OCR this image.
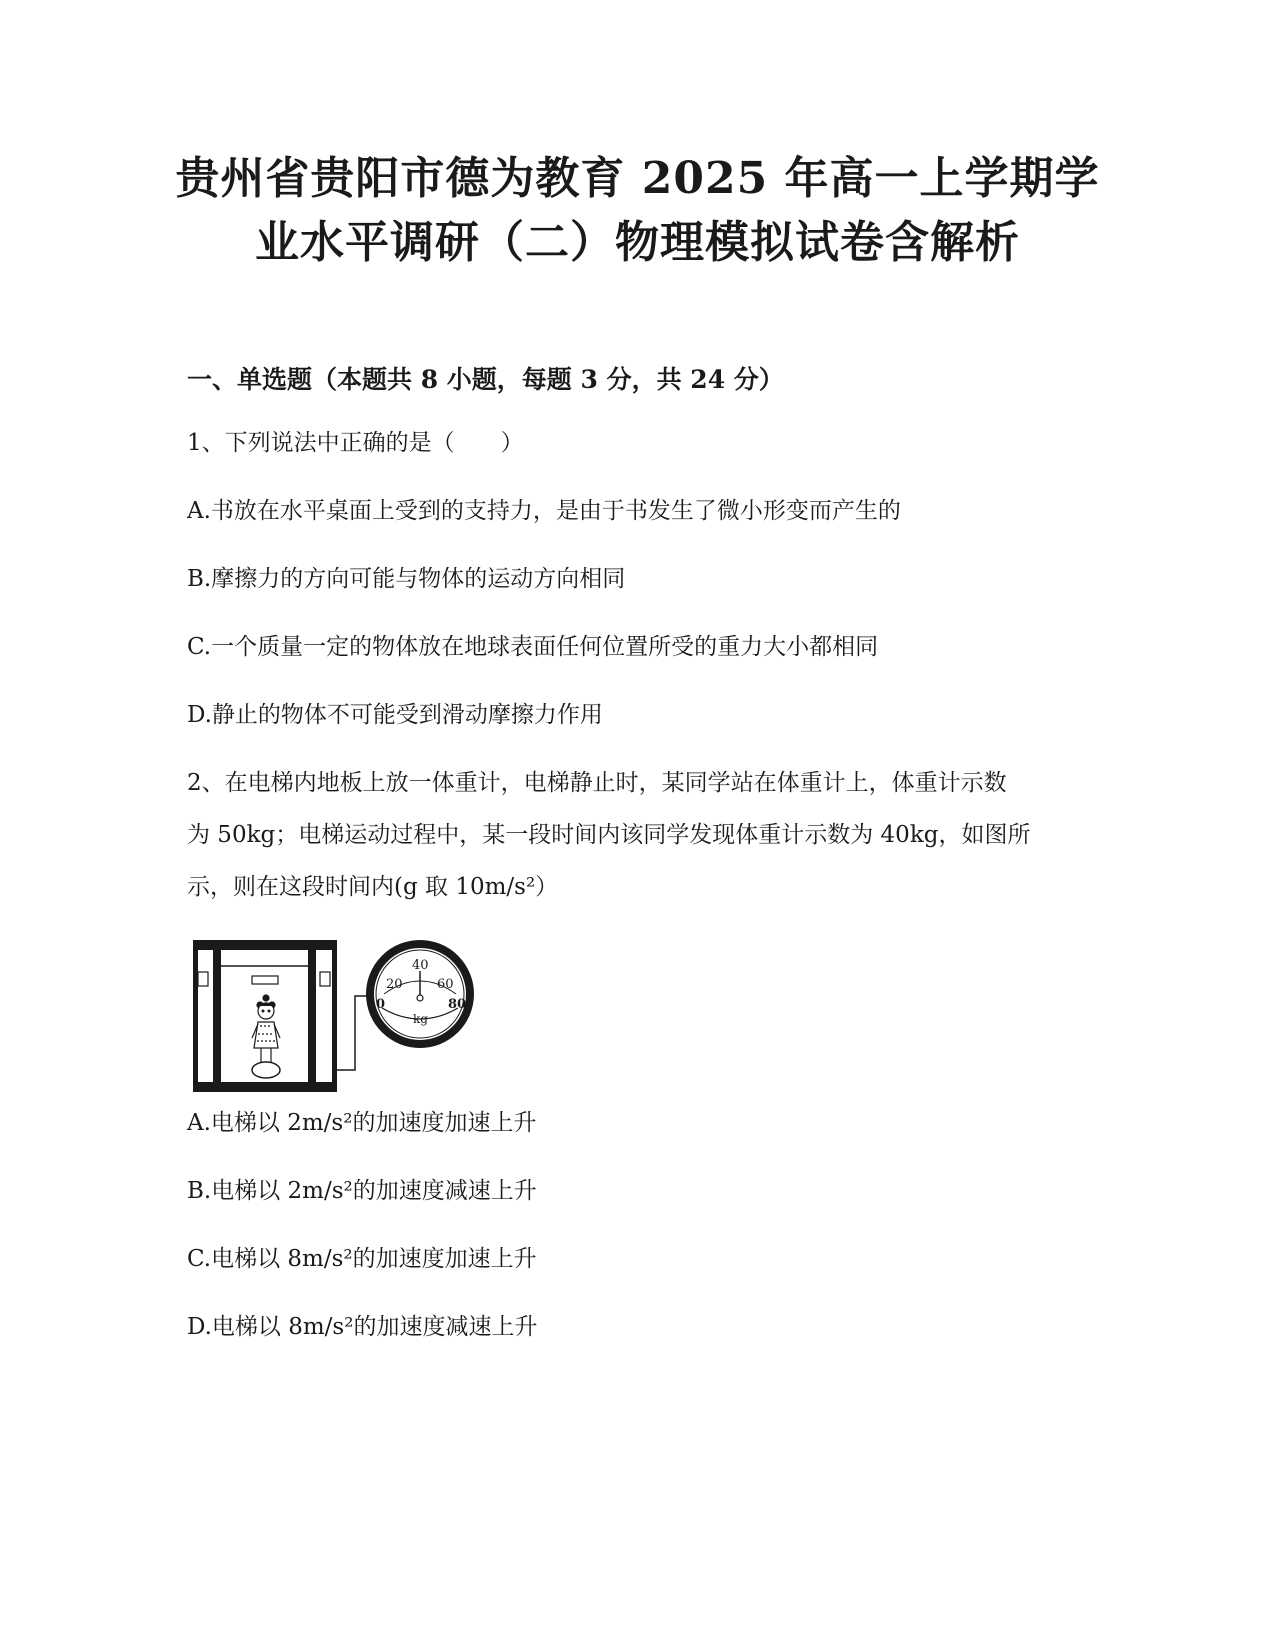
贵州省贵阳市德为教育 2025 年高一上学期学
业水平调研（二）物理模拟试卷含解析
一、单选题（本题共 8 小题，每题 3 分，共 24 分）

1、下列说法中正确的是（　　）

A.书放在水平桌面上受到的支持力，是由于书发生了微小形变而产生的

B.摩擦力的方向可能与物体的运动方向相同

C.一个质量一定的物体放在地球表面任何位置所受的重力大小都相同

D.静止的物体不可能受到滑动摩擦力作用

2、在电梯内地板上放一体重计，电梯静止时，某同学站在体重计上，体重计示数

为 50kg；电梯运动过程中，某一段时间内该同学发现体重计示数为 40kg，如图所

示，则在这段时间内(g 取 10m/s²）

0
20
40
60
80
kg

A.电梯以 2m/s²的加速度加速上升

B.电梯以 2m/s²的加速度减速上升

C.电梯以 8m/s²的加速度加速上升

D.电梯以 8m/s²的加速度减速上升
